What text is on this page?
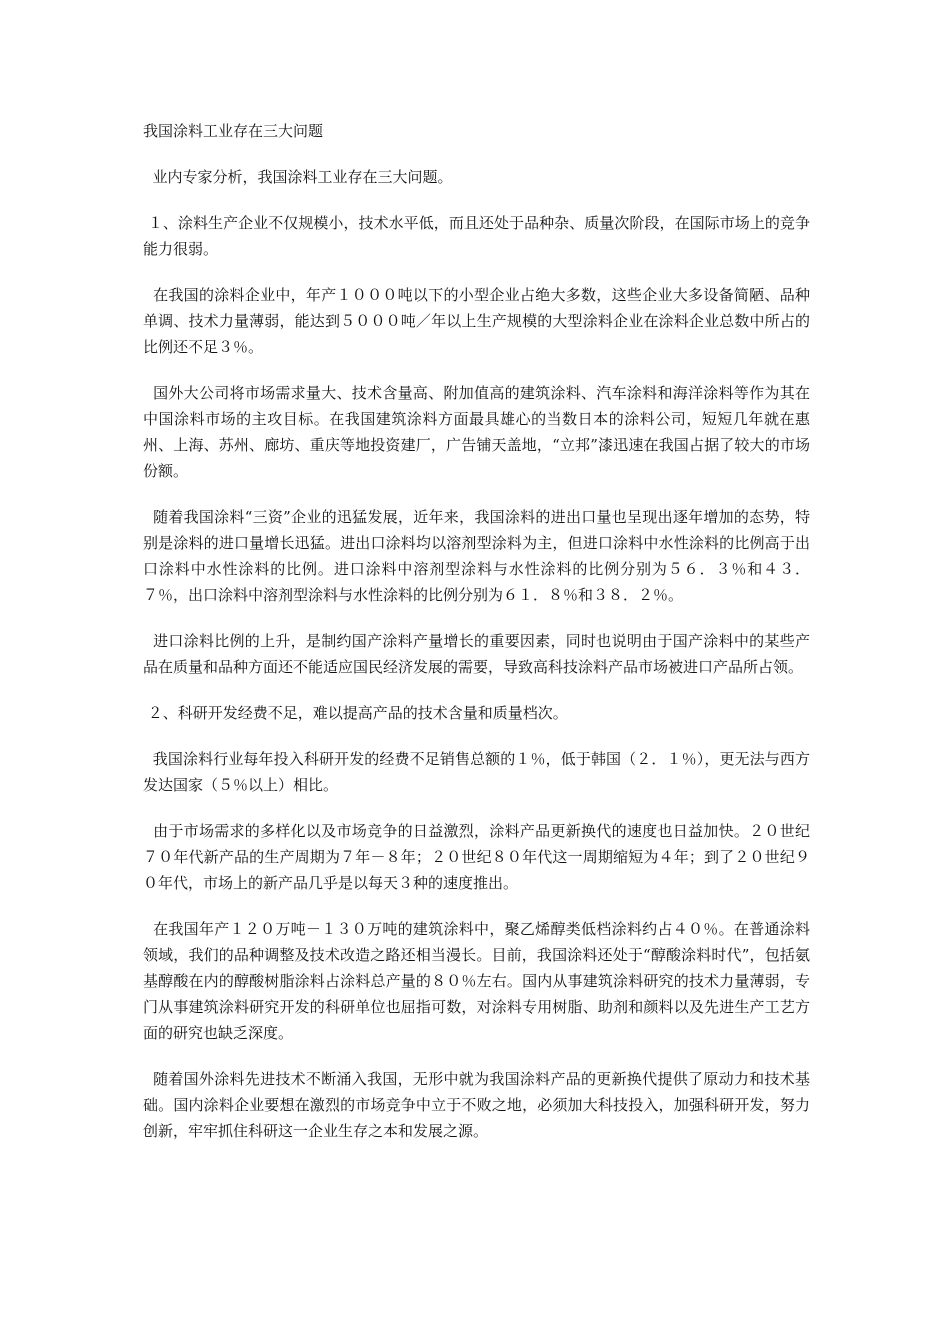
我国涂料工业存在三大问题

业内专家分析，我国涂料工业存在三大问题。

１、涂料生产企业不仅规模小，技术水平低，而且还处于品种杂、质量次阶段，在国际市场上的竞争能力很弱。

在我国的涂料企业中，年产１０００吨以下的小型企业占绝大多数，这些企业大多设备简陋、品种单调、技术力量薄弱，能达到５０００吨／年以上生产规模的大型涂料企业在涂料企业总数中所占的比例还不足３％。

国外大公司将市场需求量大、技术含量高、附加值高的建筑涂料、汽车涂料和海洋涂料等作为其在中国涂料市场的主攻目标。在我国建筑涂料方面最具雄心的当数日本的涂料公司，短短几年就在惠州、上海、苏州、廊坊、重庆等地投资建厂，广告铺天盖地，“立邦”漆迅速在我国占据了较大的市场份额。

随着我国涂料“三资”企业的迅猛发展，近年来，我国涂料的进出口量也呈现出逐年增加的态势，特别是涂料的进口量增长迅猛。进出口涂料均以溶剂型涂料为主，但进口涂料中水性涂料的比例高于出口涂料中水性涂料的比例。进口涂料中溶剂型涂料与水性涂料的比例分别为５６．３％和４３．７％，出口涂料中溶剂型涂料与水性涂料的比例分别为６１．８％和３８．２％。

进口涂料比例的上升，是制约国产涂料产量增长的重要因素，同时也说明由于国产涂料中的某些产品在质量和品种方面还不能适应国民经济发展的需要，导致高科技涂料产品市场被进口产品所占领。

２、科研开发经费不足，难以提高产品的技术含量和质量档次。

我国涂料行业每年投入科研开发的经费不足销售总额的１％，低于韩国（２．１％），更无法与西方发达国家（５％以上）相比。

由于市场需求的多样化以及市场竞争的日益激烈，涂料产品更新换代的速度也日益加快。２０世纪７０年代新产品的生产周期为７年－８年；２０世纪８０年代这一周期缩短为４年；到了２０世纪９０年代，市场上的新产品几乎是以每天３种的速度推出。

在我国年产１２０万吨－１３０万吨的建筑涂料中，聚乙烯醇类低档涂料约占４０％。在普通涂料领域，我们的品种调整及技术改造之路还相当漫长。目前，我国涂料还处于“醇酸涂料时代”，包括氨基醇酸在内的醇酸树脂涂料占涂料总产量的８０％左右。国内从事建筑涂料研究的技术力量薄弱，专门从事建筑涂料研究开发的科研单位也屈指可数，对涂料专用树脂、助剂和颜料以及先进生产工艺方面的研究也缺乏深度。

随着国外涂料先进技术不断涌入我国，无形中就为我国涂料产品的更新换代提供了原动力和技术基础。国内涂料企业要想在激烈的市场竞争中立于不败之地，必须加大科技投入，加强科研开发，努力创新，牢牢抓住科研这一企业生存之本和发展之源。
